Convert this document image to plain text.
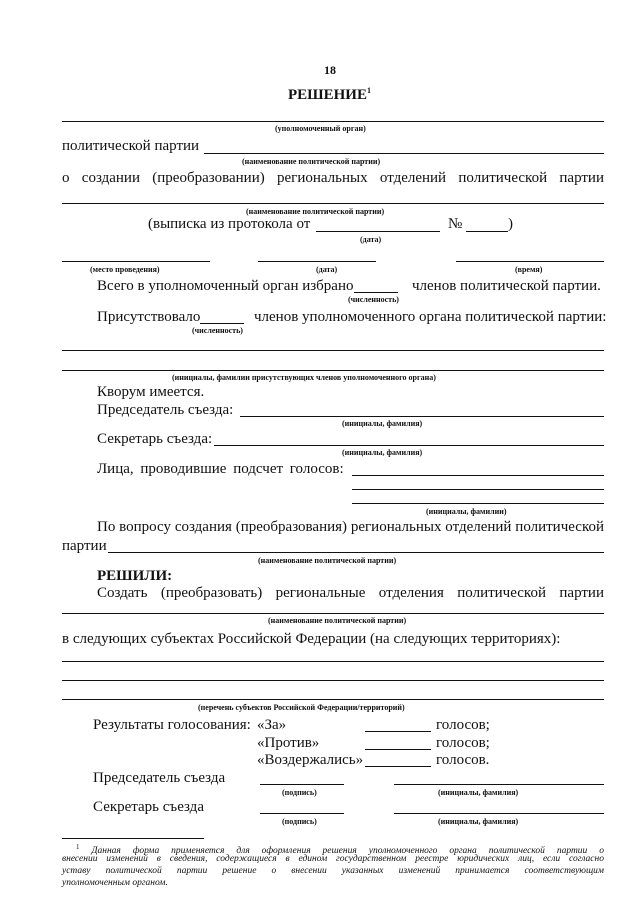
18
РЕШЕНИЕ$^1$
(уполномоченный орган)
политической партии
(наименование политической партии)
о создании (преобразовании) региональных отделений политической партии
(наименование политической партии)
(выписка из протокола от	№	)
(дата)
(место проведения)	(дата)	(время)
Всего в уполномоченный орган избрано	членов политической партии.
(численность)
Присутствовало	членов уполномоченного органа политической партии:
(численность)
(инициалы, фамилии присутствующих членов уполномоченного органа)
Кворум имеется.
Председатель съезда:
(инициалы, фамилия)
Секретарь съезда:
(инициалы, фамилия)
Лица, проводившие подсчет голосов:
(инициалы, фамилии)
По вопросу создания (преобразования) региональных отделений политической
партии
(наименование политической партии)
РЕШИЛИ:
Создать (преобразовать) региональные отделения политической партии
(наименование политической партии)
в следующих субъектах Российской Федерации (на следующих территориях):
(перечень субъектов Российской Федерации/территорий)
Результаты голосования: «За»	голосов;
«Против»	голосов;
«Воздержались»	голосов.
Председатель съезда
(подпись)	(инициалы, фамилия)
Секретарь съезда
(подпись)	(инициалы, фамилия)
$^1$ Данная форма применяется для оформления решения уполномоченного органа политической партии о
внесении изменений в сведения, содержащиеся в едином государственном реестре юридических лиц, если согласно
уставу политической партии решение о внесении указанных изменений принимается соответствующим
уполномоченным органом.
